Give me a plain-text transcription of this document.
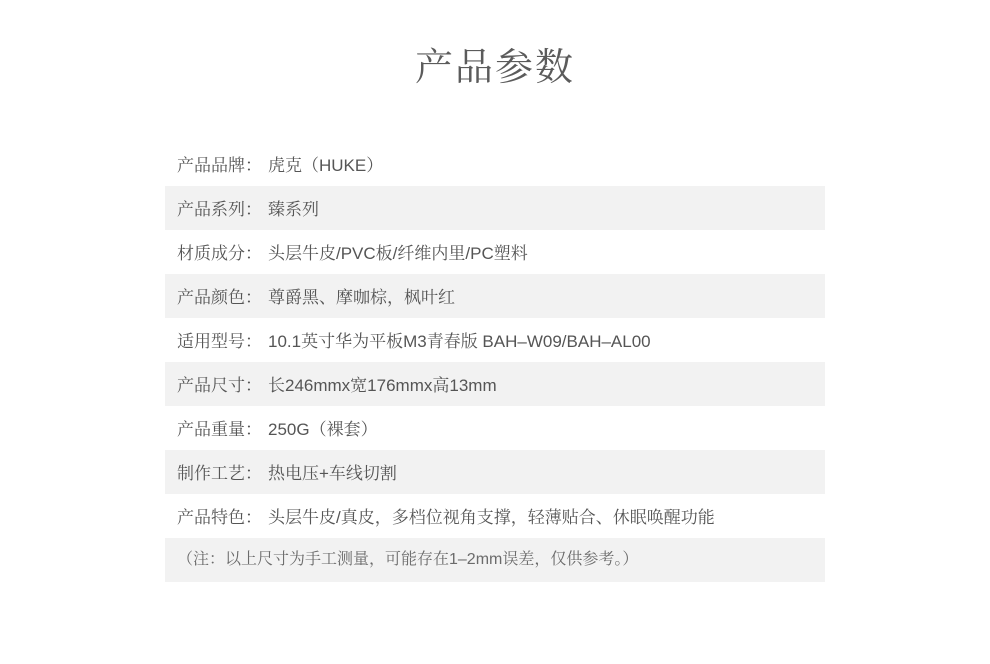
产品参数
产品品牌： 虎克（HUKE）

产品系列： 臻系列

材质成分： 头层牛皮/PVC板/纤维内里/PC塑料

产品颜色： 尊爵黑、摩咖棕，枫叶红

适用型号： 10.1英寸华为平板M3青春版 BAH–W09/BAH–AL00

产品尺寸： 长246mmx宽176mmx高13mm

产品重量： 250G（裸套）

制作工艺： 热电压+车线切割

产品特色： 头层牛皮/真皮，多档位视角支撑，轻薄贴合、休眠唤醒功能

（注：以上尺寸为手工测量，可能存在1–2mm误差，仅供参考。）
